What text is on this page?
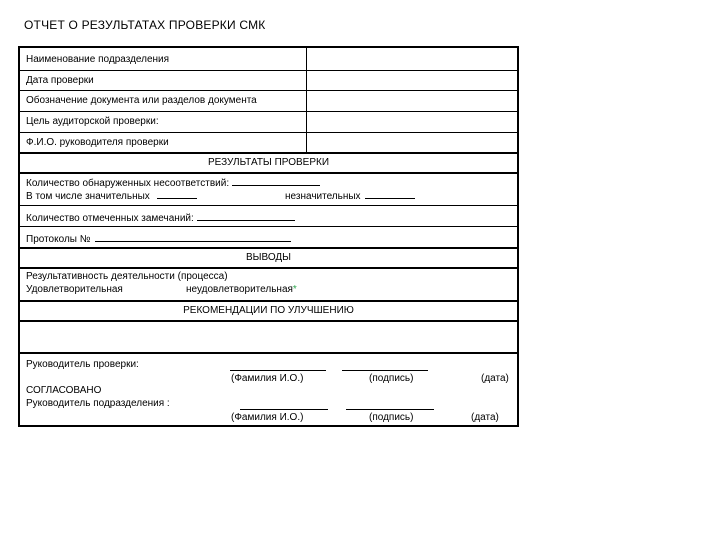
ОТЧЕТ О РЕЗУЛЬТАТАХ ПРОВЕРКИ СМК
Наименование подразделения
Дата проверки
Обозначение документа или разделов документа
Цель аудиторской проверки:
Ф.И.О. руководителя проверки
РЕЗУЛЬТАТЫ ПРОВЕРКИ
Количество обнаруженных несоответствий:
В том числе значительных	незначительных
Количество отмеченных замечаний:
Протоколы №
ВЫВОДЫ
Результативность деятельности (процесса)
Удовлетворительная	неудовлетворительная*
РЕКОМЕНДАЦИИ ПО УЛУЧШЕНИЮ
Руководитель проверки:
(Фамилия И.О.)	(подпись)	(дата)
СОГЛАСОВАНО
Руководитель подразделения :
(Фамилия И.О.)	(подпись)	(дата)
